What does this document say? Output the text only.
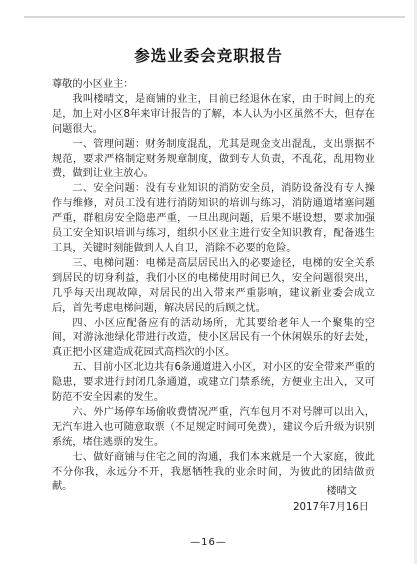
参选业委会竞职报告

尊敬的小区业主：

我叫楼晴文，是商铺的业主，目前已经退休在家，由于时间上的充足，加上对小区8年来审计报告的了解，本人认为小区虽然不大，但存在问题很大。

一、管理问题：财务制度混乱，尤其是现金支出混乱，支出票据不规范，要求严格制定财务规章制度，做到专人负责，不乱花，乱用物业费，做到让业主放心。

二、安全问题：没有专业知识的消防安全员，消防设备没有专人操作与维修，对员工没有进行消防知识的培训与练习，消防通道堵塞问题严重，群租房安全隐患严重，一旦出现问题，后果不堪设想，要求加强员工安全知识培训与练习，组织小区业主进行安全知识教育，配备逃生工具，关键时刻能做到人人自卫，消除不必要的危险。

三、电梯问题：电梯是高层居民出入的必要途径，电梯的安全关系到居民的切身利益，我们小区的电梯使用时间已久，安全问题很突出，几乎每天出现故障，对居民的出入带来严重影响，建议新业委会成立后，首先考虑电梯问题，解决居民的后顾之忧。

四、小区应配备应有的活动场所，尤其要给老年人一个聚集的空间，对游泳池绿化带进行改造，使小区居民有一个休闲娱乐的好去处，真正把小区建造成花园式高档次的小区。

五、目前小区北边共有6条通道进入小区，对小区的安全带来严重的隐患，要求进行封闭几条通道，或建立门禁系统，方便业主出入，又可防范不安全因素的发生。

六、外广场停车场偷收费情况严重，汽车包月不对号牌可以出入，无汽车进入也可随意取票（不足规定时间可免费），建议今后升级为识别系统，堵住逃票的发生。

七、做好商铺与住宅之间的沟通，我们本来就是一个大家庭，彼此不分你我，永远分不开，我愿牺牲我的业余时间，为彼此的团结做贡献。	楼晴文
2017年7月16日
—16—
